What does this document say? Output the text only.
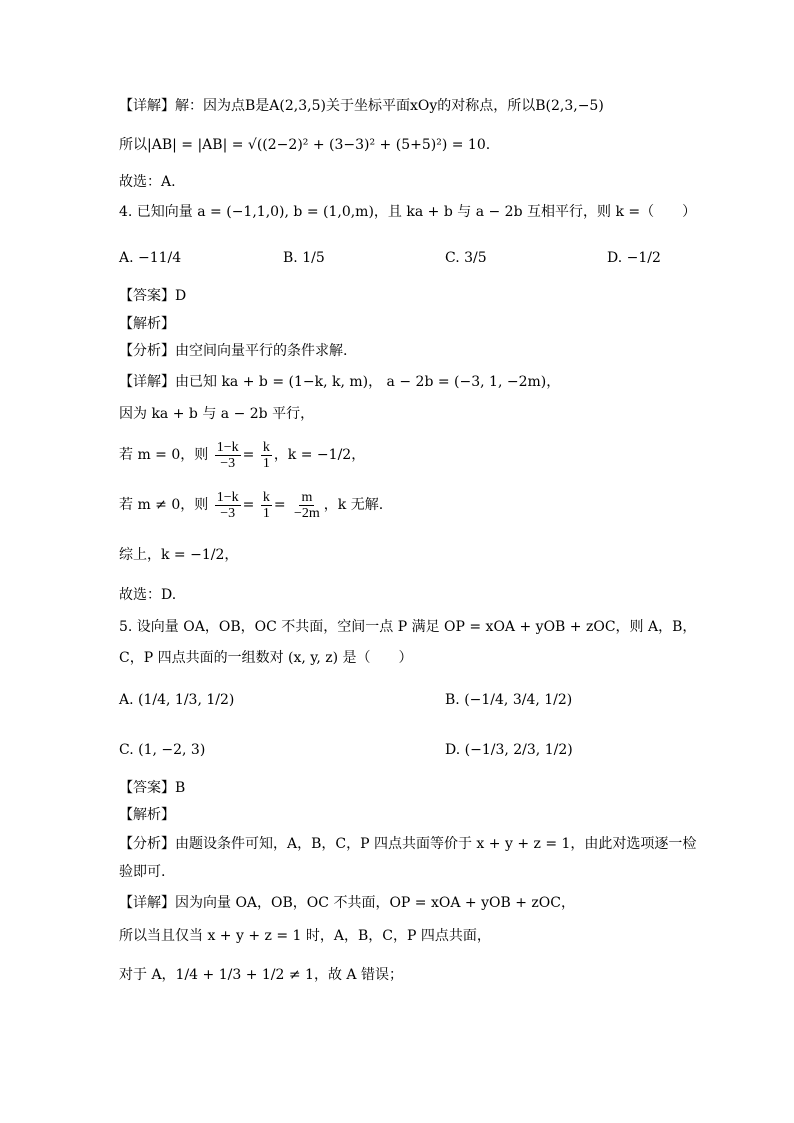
【详解】解：因为点B是A(2,3,5)关于坐标平面xOy的对称点，所以B(2,3,−5)
所以|AB| = |AB| = √((2−2)² + (3−3)² + (5+5)²) = 10.
故选：A.
4. 已知向量 a = (−1,1,0), b = (1,0,m)，且 ka + b 与 a − 2b 互相平行，则 k =（　　）
A. −11/4	B. 1/5	C. 3/5	D. −1/2
【答案】D
【解析】
【分析】由空间向量平行的条件求解.
【详解】由已知 ka + b = (1−k, k, m)， a − 2b = (−3, 1, −2m)，
因为 ka + b 与 a − 2b 平行，
若 m = 0，则 $\frac{1-k}{-3} = \frac{k}{1}$ ，k = −1/2，
若 m ≠ 0，则 $\frac{1-k}{-3} = \frac{k}{1} = \frac{m}{-2m}$ ，k 无解.
综上，k = −1/2，
故选：D.
5. 设向量 OA，OB，OC 不共面，空间一点 P 满足 OP = xOA + yOB + zOC，则 A，B，
C，P 四点共面的一组数对 (x, y, z) 是（　　）
A. (1/4, 1/3, 1/2)	B. (−1/4, 3/4, 1/2)
C. (1, −2, 3)	D. (−1/3, 2/3, 1/2)
【答案】B
【解析】
【分析】由题设条件可知，A，B，C，P 四点共面等价于 x + y + z = 1，由此对选项逐一检
验即可.
【详解】因为向量 OA，OB，OC 不共面，OP = xOA + yOB + zOC，
所以当且仅当 x + y + z = 1 时，A，B，C，P 四点共面，
对于 A，1/4 + 1/3 + 1/2 ≠ 1，故 A 错误；
